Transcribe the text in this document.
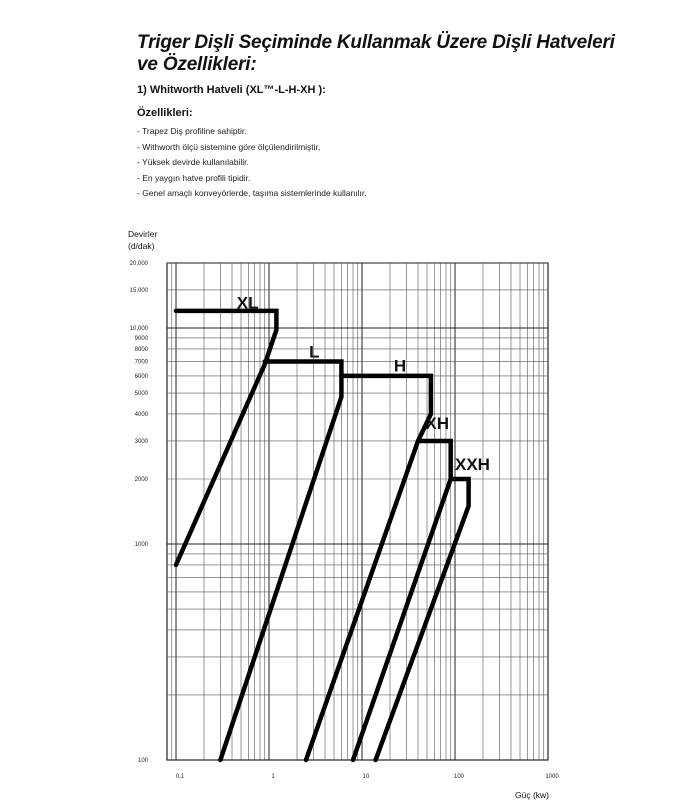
Triger Dişli Seçiminde Kullanmak Üzere Dişli Hatveleri ve Özellikleri:
1) Whitworth Hatveli (XL™-L-H-XH ):
Özellikleri:
- Trapez Diş profiline sahiptir.
- Withworth ölçü sistemine göre ölçülendirilmiştir,
- Yüksek devirde kullanılabilir.
- En yaygın hatve profili tipidir.
- Genel amaçlı konveyörlerde, taşıma sistemlerinde kullanılır.
100
1000
2000
3000
4000
5000
6000
7000
8000
9000
10,000
15,000
20,000
0,1	1	10	100	1000
XL
L
H
XH
XXH
Devirler
(d/dak)
Güç (kw)
